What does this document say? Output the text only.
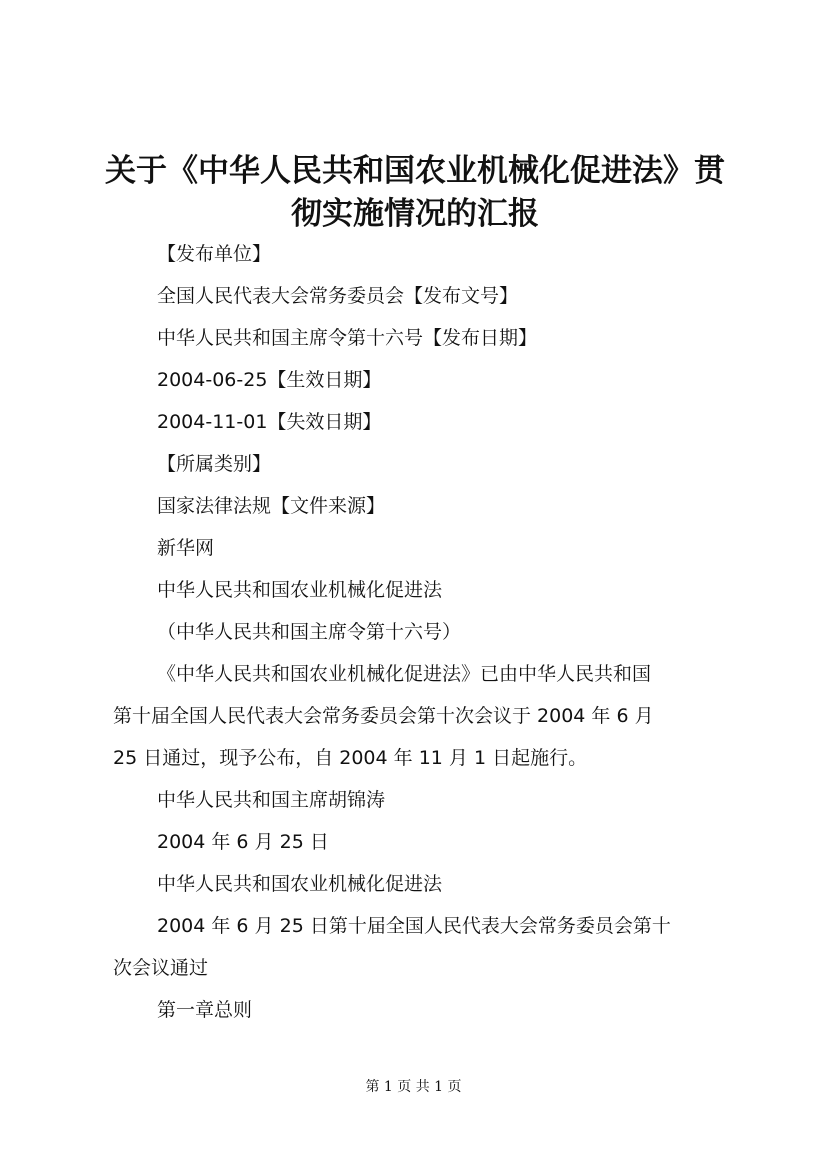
关于《中华人民共和国农业机械化促进法》贯彻实施情况的汇报
【发布单位】
全国人民代表大会常务委员会【发布文号】
中华人民共和国主席令第十六号【发布日期】
2004-06-25【生效日期】
2004-11-01【失效日期】
【所属类别】
国家法律法规【文件来源】
新华网
中华人民共和国农业机械化促进法
（中华人民共和国主席令第十六号）
《中华人民共和国农业机械化促进法》已由中华人民共和国
第十届全国人民代表大会常务委员会第十次会议于 2004 年 6 月
25 日通过，现予公布，自 2004 年 11 月 1 日起施行。
中华人民共和国主席胡锦涛
2004 年 6 月 25 日
中华人民共和国农业机械化促进法
2004 年 6 月 25 日第十届全国人民代表大会常务委员会第十
次会议通过
第一章总则
第 1 页 共 1 页
